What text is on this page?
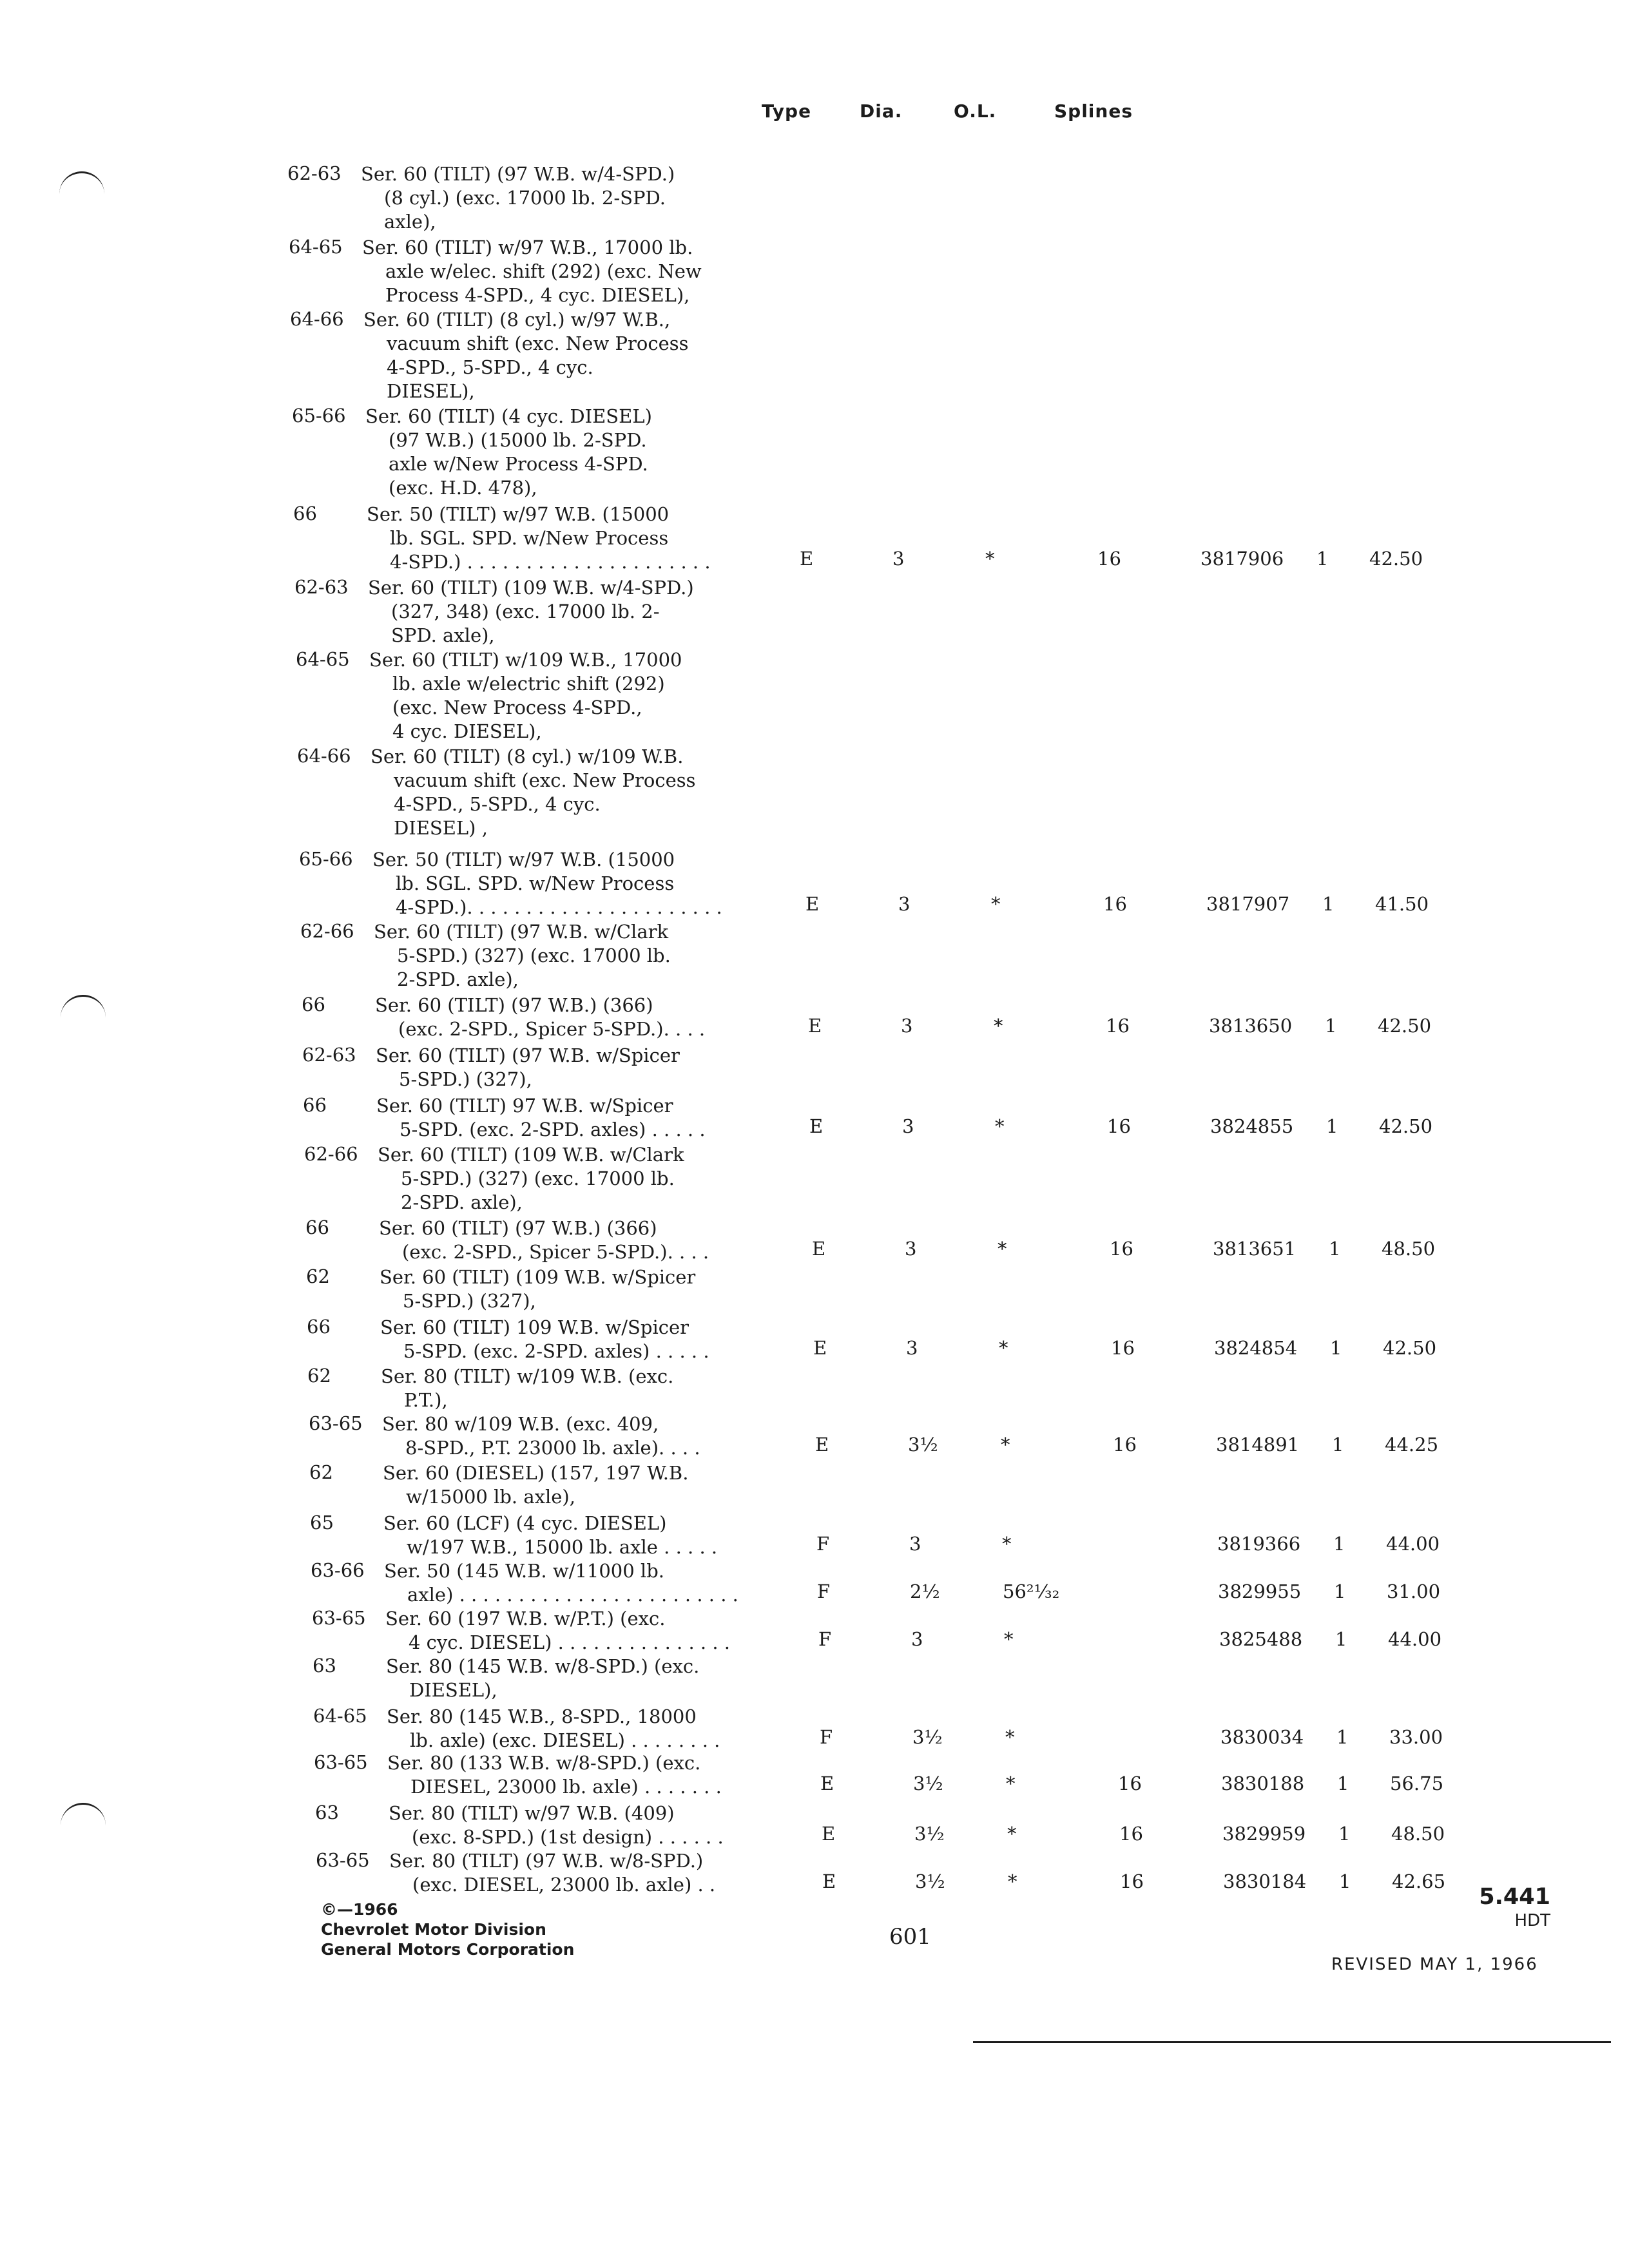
Type	Dia.	O.L.	Splines
62-63 Ser. 60 (TILT) (97 W.B. w/4-SPD.)
(8 cyl.) (exc. 17000 lb. 2-SPD.
axle),
64-65 Ser. 60 (TILT) w/97 W.B., 17000 lb.
axle w/elec. shift (292) (exc. New
Process 4-SPD., 4 cyc. DIESEL),
64-66 Ser. 60 (TILT) (8 cyl.) w/97 W.B.,
vacuum shift (exc. New Process
4-SPD., 5-SPD., 4 cyc.
DIESEL),
65-66 Ser. 60 (TILT) (4 cyc. DIESEL)
(97 W.B.) (15000 lb. 2-SPD.
axle w/New Process 4-SPD.
(exc. H.D. 478),
66	Ser. 50 (TILT) w/97 W.B. (15000
lb. SGL. SPD. w/New Process
4-SPD.) . . . . . . . . . . . . . . . . . . . . .	E	3	*	16	3817906 1 42.50
62-63 Ser. 60 (TILT) (109 W.B. w/4-SPD.)
(327, 348) (exc. 17000 lb. 2-
SPD. axle),
64-65 Ser. 60 (TILT) w/109 W.B., 17000
lb. axle w/electric shift (292)
(exc. New Process 4-SPD.,
4 cyc. DIESEL),
64-66 Ser. 60 (TILT) (8 cyl.) w/109 W.B.
vacuum shift (exc. New Process
4-SPD., 5-SPD., 4 cyc.
DIESEL) ,
65-66 Ser. 50 (TILT) w/97 W.B. (15000
lb. SGL. SPD. w/New Process
4-SPD.). . . . . . . . . . . . . . . . . . . . . .	E	3	*	16	3817907 1 41.50
62-66 Ser. 60 (TILT) (97 W.B. w/Clark
5-SPD.) (327) (exc. 17000 lb.
2-SPD. axle),
66	Ser. 60 (TILT) (97 W.B.) (366)
(exc. 2-SPD., Spicer 5-SPD.). . . .	E	3	*	16	3813650 1 42.50
62-63 Ser. 60 (TILT) (97 W.B. w/Spicer
5-SPD.) (327),
66	Ser. 60 (TILT) 97 W.B. w/Spicer
5-SPD. (exc. 2-SPD. axles) . . . . .	E	3	*	16	3824855 1 42.50
62-66 Ser. 60 (TILT) (109 W.B. w/Clark
5-SPD.) (327) (exc. 17000 lb.
2-SPD. axle),
66	Ser. 60 (TILT) (97 W.B.) (366)
(exc. 2-SPD., Spicer 5-SPD.). . . .	E	3	*	16	3813651 1 48.50
62	Ser. 60 (TILT) (109 W.B. w/Spicer
5-SPD.) (327),
66	Ser. 60 (TILT) 109 W.B. w/Spicer
5-SPD. (exc. 2-SPD. axles) . . . . .	E	3	*	16	3824854 1 42.50
62	Ser. 80 (TILT) w/109 W.B. (exc.
P.T.),
63-65 Ser. 80 w/109 W.B. (exc. 409,
8-SPD., P.T. 23000 lb. axle). . . .	E	3½	*	16	3814891 1 44.25
62	Ser. 60 (DIESEL) (157, 197 W.B.
w/15000 lb. axle),
65	Ser. 60 (LCF) (4 cyc. DIESEL)
w/197 W.B., 15000 lb. axle . . . . .	F	3	*	3819366 1 44.00
63-66 Ser. 50 (145 W.B. w/11000 lb.
axle) . . . . . . . . . . . . . . . . . . . . . . . .	F	2½	56²¹⁄₃₂	3829955 1 31.00
63-65 Ser. 60 (197 W.B. w/P.T.) (exc.
4 cyc. DIESEL) . . . . . . . . . . . . . . .	F	3	*	3825488 1 44.00
63	Ser. 80 (145 W.B. w/8-SPD.) (exc.
DIESEL),
64-65 Ser. 80 (145 W.B., 8-SPD., 18000
lb. axle) (exc. DIESEL) . . . . . . . .	F	3½	*	3830034 1 33.00
63-65 Ser. 80 (133 W.B. w/8-SPD.) (exc.
DIESEL, 23000 lb. axle) . . . . . . .	E	3½	*	16	3830188 1 56.75
63	Ser. 80 (TILT) w/97 W.B. (409)
(exc. 8-SPD.) (1st design) . . . . . .	E	3½	*	16	3829959 1 48.50
63-65 Ser. 80 (TILT) (97 W.B. w/8-SPD.)
(exc. DIESEL, 23000 lb. axle) . .	E	3½	*	16	3830184 1 42.65
©—1966
Chevrolet Motor Division
General Motors Corporation	601
5.441
HDT
REVISED MAY 1, 1966
